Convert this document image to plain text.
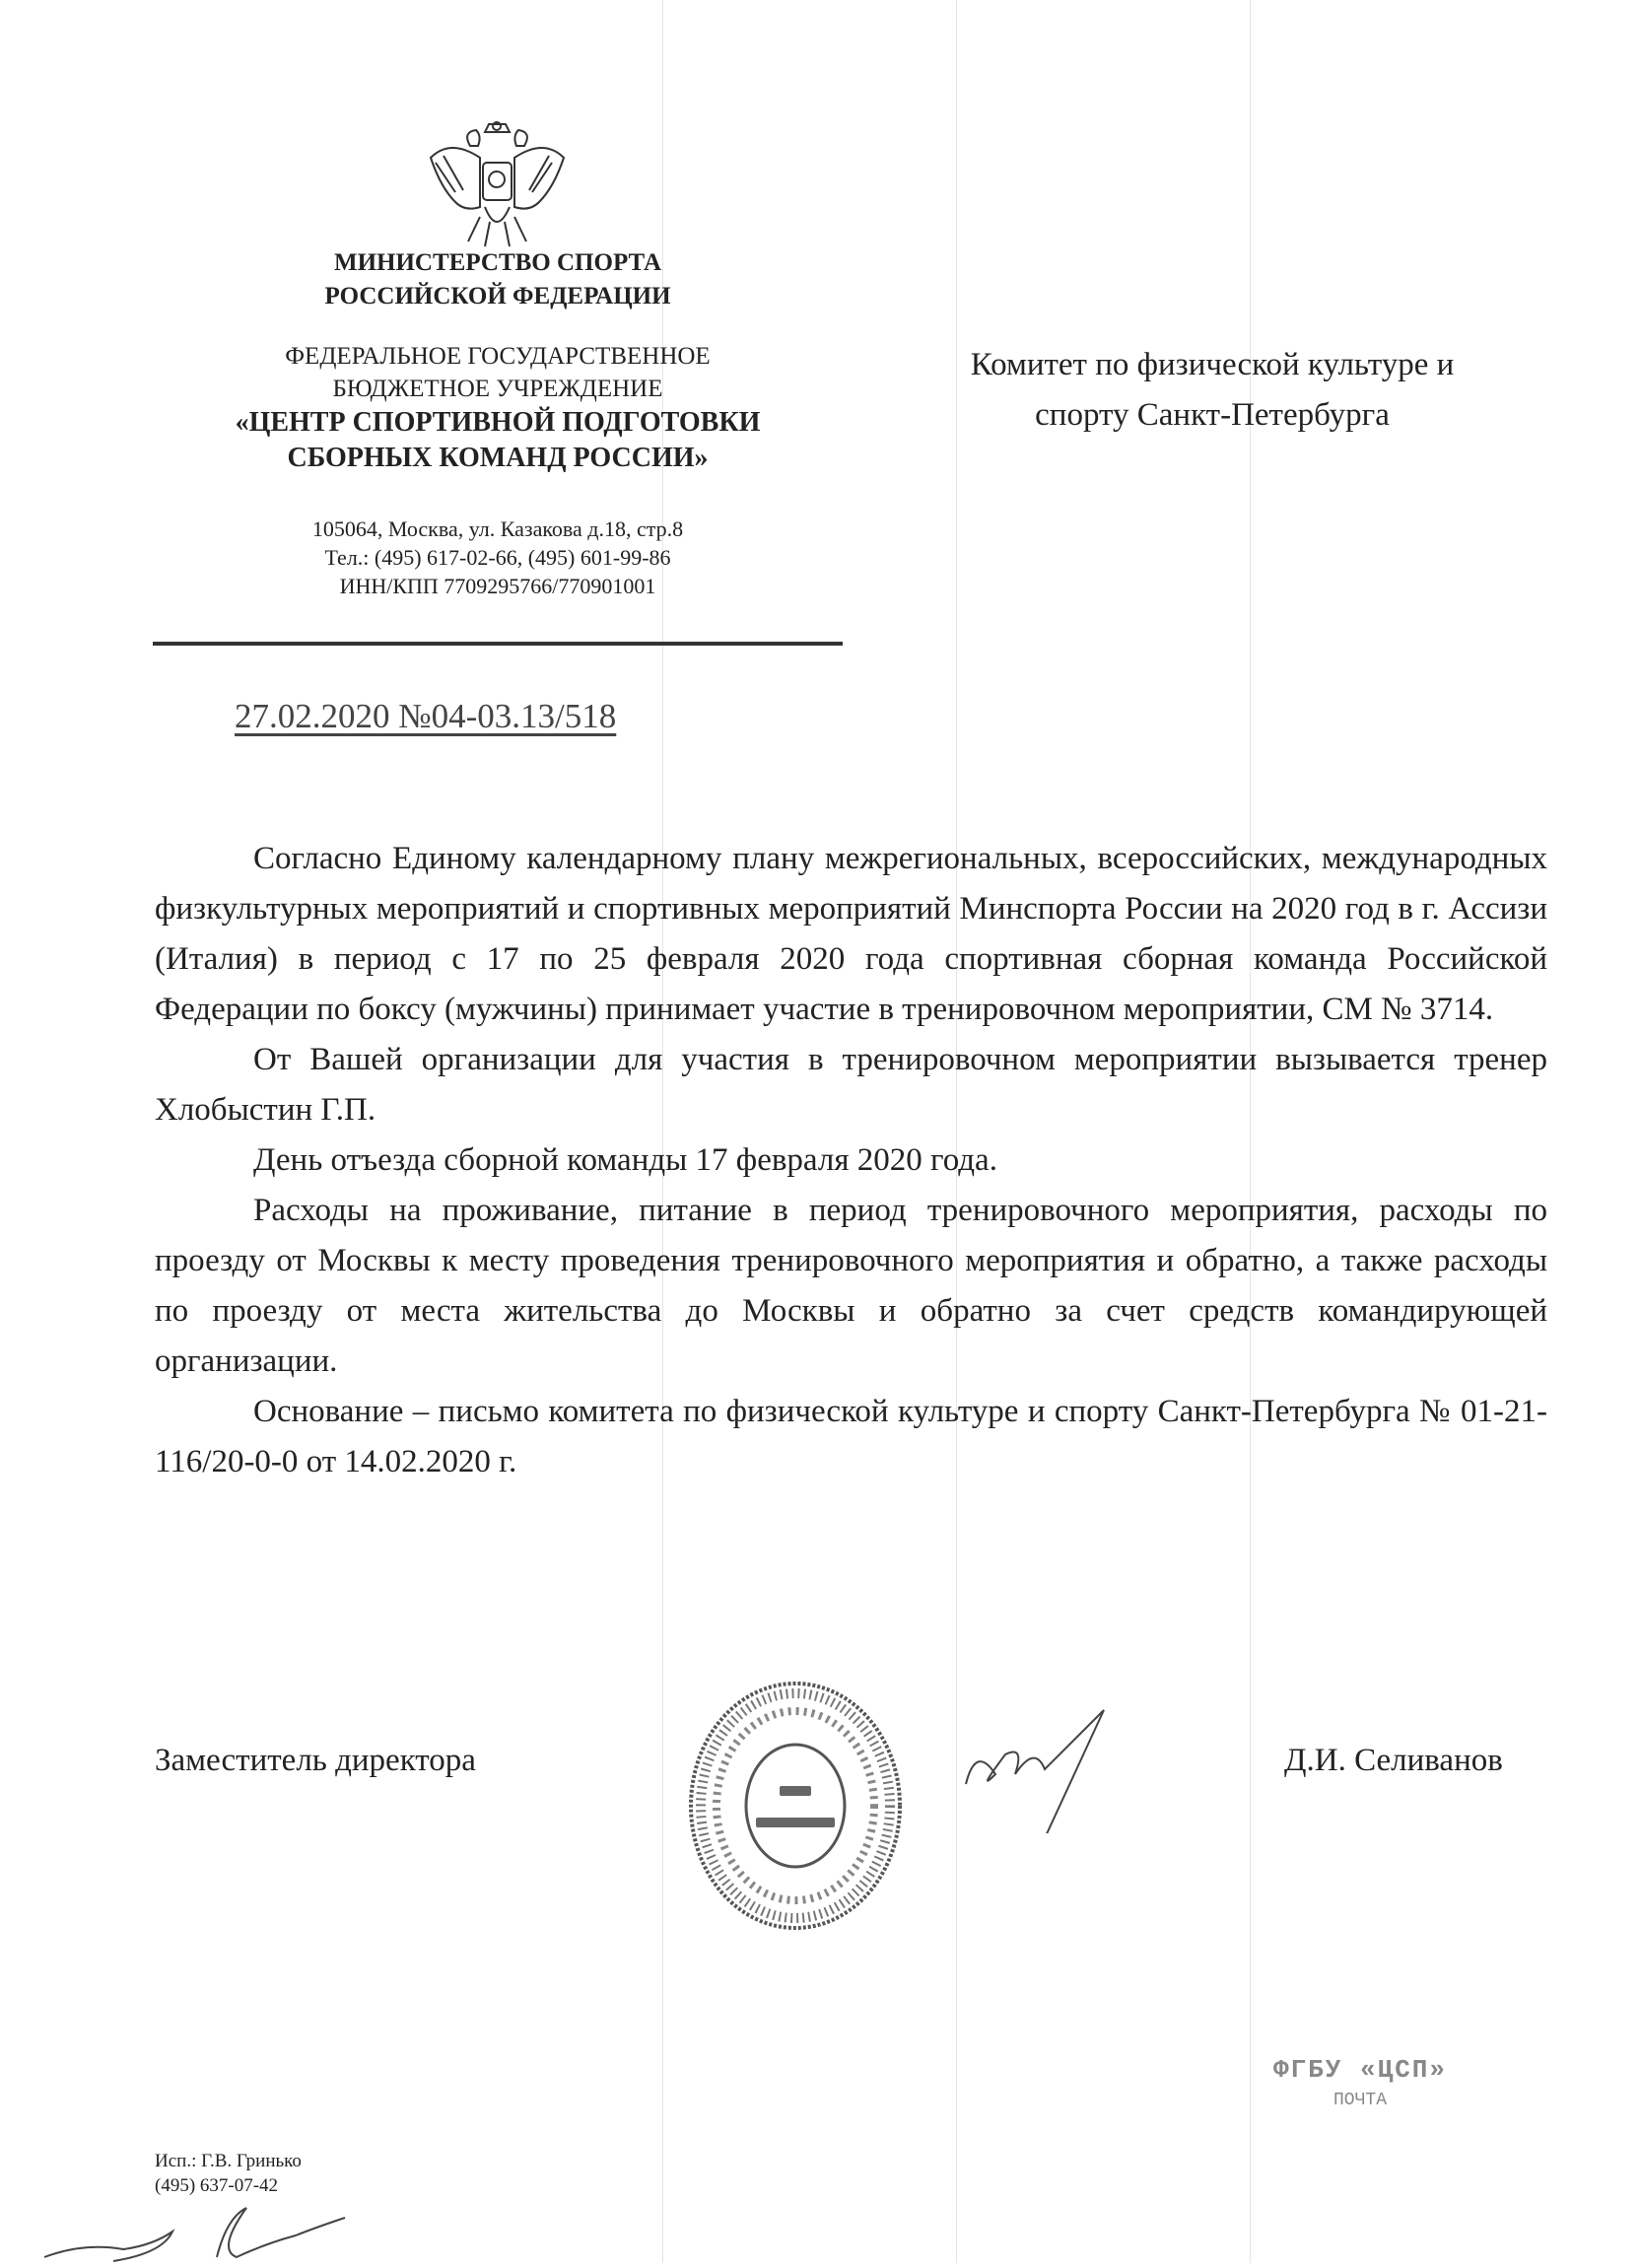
МИНИСТЕРСТВО СПОРТА
РОССИЙСКОЙ ФЕДЕРАЦИИ
ФЕДЕРАЛЬНОЕ ГОСУДАРСТВЕННОЕ
БЮДЖЕТНОЕ УЧРЕЖДЕНИЕ
«ЦЕНТР СПОРТИВНОЙ ПОДГОТОВКИ
СБОРНЫХ КОМАНД РОССИИ»
105064, Москва, ул. Казакова д.18, стр.8
Тел.: (495) 617-02-66, (495) 601-99-86
ИНН/КПП 7709295766/770901001
27.02.2020 №04-03.13/518
Комитет по физической культуре и
спорту Санкт-Петербурга

Согласно Единому календарному плану межрегиональных, всероссийских, международных физкультурных мероприятий и спортивных мероприятий Минспорта России на 2020 год в г. Ассизи (Италия) в период с 17 по 25 февраля 2020 года спортивная сборная команда Российской Федерации по боксу (мужчины) принимает участие в тренировочном мероприятии, СМ № 3714.

От Вашей организации для участия в тренировочном мероприятии вызывается тренер Хлобыстин Г.П.

День отъезда сборной команды 17 февраля 2020 года.

Расходы на проживание, питание в период тренировочного мероприятия, расходы по проезду от Москвы к месту проведения тренировочного мероприятия и обратно, а также расходы по проезду от места жительства до Москвы и обратно за счет средств командирующей организации.

Основание – письмо комитета по физической культуре и спорту Санкт-Петербурга № 01-21-116/20-0-0 от 14.02.2020 г.

Заместитель директора	Д.И. Селиванов
ФГБУ «ЦСП»
ПОЧТА
Исп.: Г.В. Гринько
(495) 637-07-42
